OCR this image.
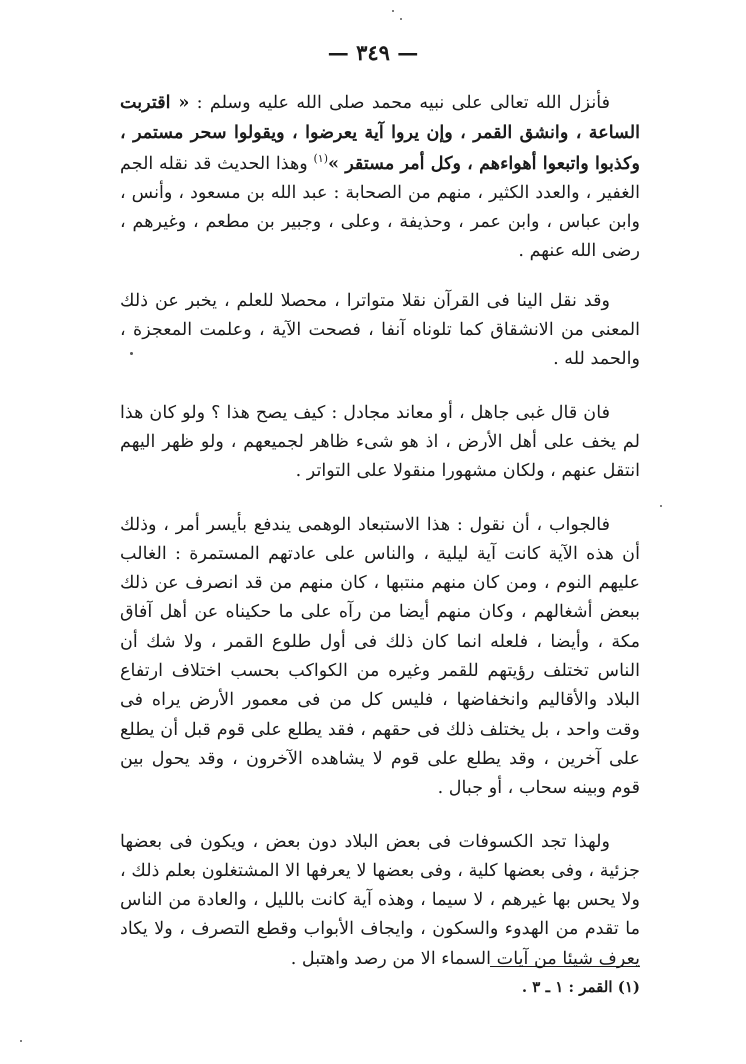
— ٣٤٩ —

فأنزل الله تعالى على نبيه محمد صلى الله عليه وسلم : « اقتربت الساعة ، وانشق القمر ، وإن يروا آية يعرضوا ، ويقولوا سحر مستمر ، وكذبوا واتبعوا أهواءهم ، وكل أمر مستقر »$^{(١)}$ وهذا الحديث قد نقله الجم الغفير ، والعدد الكثير ، منهم من الصحابة : عبد الله بن مسعود ، وأنس ، وابن عباس ، وابن عمر ، وحذيفة ، وعلى ، وجبير بن مطعم ، وغيرهم ، رضى الله عنهم .

وقد نقل الينا فى القرآن نقلا متواترا ، محصلا للعلم ، يخبر عن ذلك المعنى من الانشقاق كما تلوناه آنفا ، فصحت الآية ، وعلمت المعجزة ، والحمد لله .

فان قال غبى جاهل ، أو معاند مجادل : كيف يصح هذا ؟ ولو كان هذا لم يخف على أهل الأرض ، اذ هو شىء ظاهر لجميعهم ، ولو ظهر اليهم انتقل عنهم ، ولكان مشهورا منقولا على التواتر .

فالجواب ، أن نقول : هذا الاستبعاد الوهمى يندفع بأيسر أمر ، وذلك أن هذه الآية كانت آية ليلية ، والناس على عادتهم المستمرة : الغالب عليهم النوم ، ومن كان منهم منتبها ، كان منهم من قد انصرف عن ذلك ببعض أشغالهم ، وكان منهم أيضا من رآه على ما حكيناه عن أهل آفاق مكة ، وأيضا ، فلعله انما كان ذلك فى أول طلوع القمر ، ولا شك أن الناس تختلف رؤيتهم للقمر وغيره من الكواكب بحسب اختلاف ارتفاع البلاد والأقاليم وانخفاضها ، فليس كل من فى معمور الأرض يراه فى وقت واحد ، بل يختلف ذلك فى حقهم ، فقد يطلع على قوم قبل أن يطلع على آخرين ، وقد يطلع على قوم لا يشاهده الآخرون ، وقد يحول بين قوم وبينه سحاب ، أو جبال .

ولهذا تجد الكسوفات فى بعض البلاد دون بعض ، ويكون فى بعضها جزئية ، وفى بعضها كلية ، وفى بعضها لا يعرفها الا المشتغلون بعلم ذلك ، ولا يحس بها غيرهم ، لا سيما ، وهذه آية كانت بالليل ، والعادة من الناس ما تقدم من الهدوء والسكون ، وايجاف الأبواب وقطع التصرف ، ولا يكاد يعرف شيئا من آيات السماء الا من رصد واهتبل .

(١) القمر : ١ ـ ٣ .
